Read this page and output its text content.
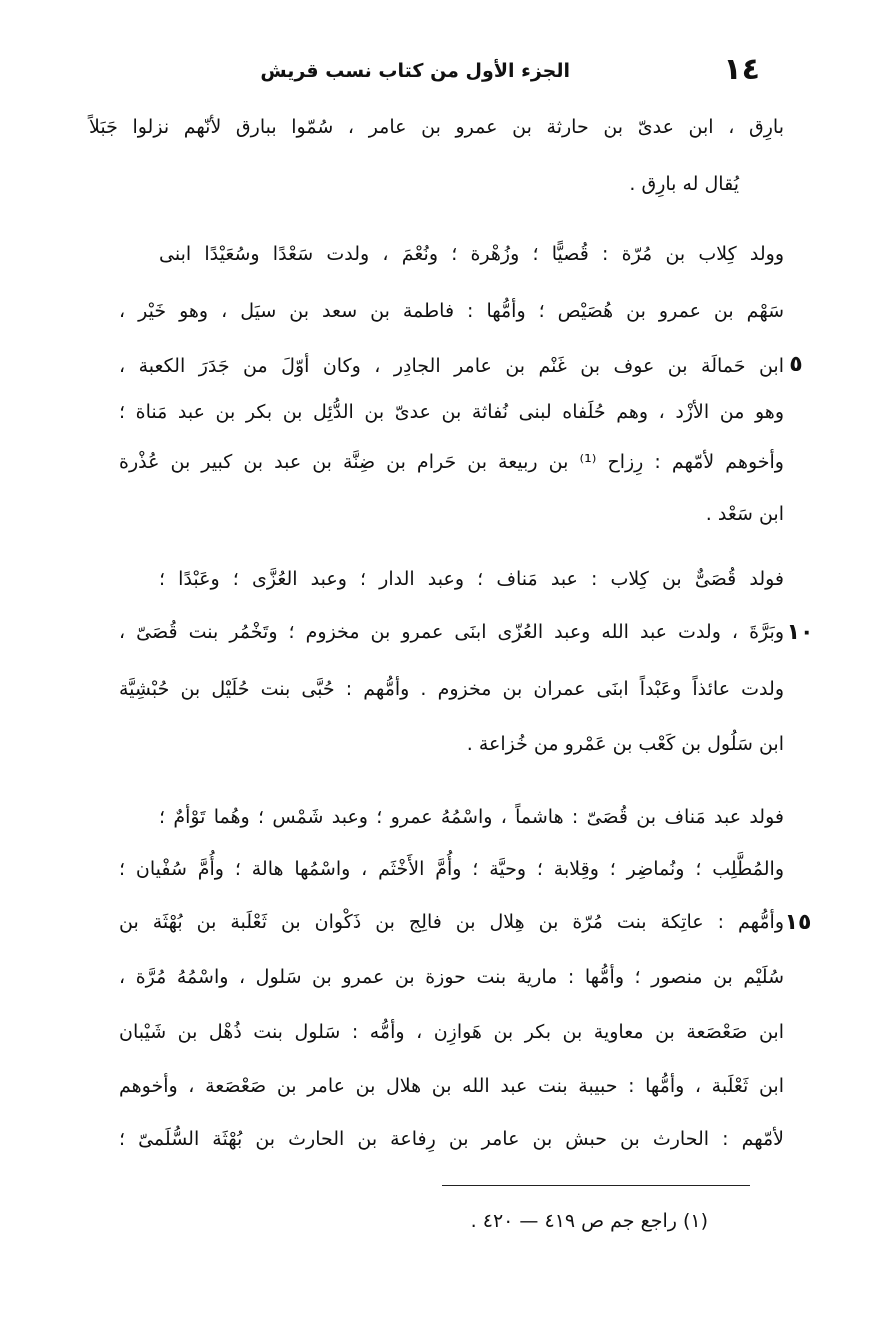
١٤
الجزء الأول من كتاب نسب قريش
بارِق ، ابن عدىّ بن حارثة بن عمرو بن عامر ، سُمّوا ببارق لأنّهم نزلوا جَبَلاً
يُقال له بارِق .
وولد كِلاب بن مُرّة : قُصيًّا ؛ وزُهْرة ؛ ونُعْمَ ، ولدت سَعْدًا وسُعَيْدًا ابنى
سَهْم بن عمرو بن هُصَيْص ؛ وأمُّها : فاطمة بن سعد بن سيَل ، وهو خَيْر ،
ابن حَمالَة بن عوف بن غَنْم بن عامر الجادِر ، وكان أوّلَ من جَدَرَ الكعبة ،
وهو من الأزْد ، وهم حُلَفاه لبنى نُفاثة بن عدىّ بن الدُّئِل بن بكر بن عبد مَناة ؛
وأخوهم لأمّهم : رِزاح ⁽¹⁾ بن ربيعة بن حَرام بن ضِنَّة بن عبد بن كبير بن عُذْرة
ابن سَعْد .
فولد قُصَىٌّ بن كِلاب : عبد مَناف ؛ وعبد الدار ؛ وعبد العُزَّى ؛ وعَبْدًا ؛
وبَرَّةَ ، ولدت عبد الله وعبد العُزّى ابنَى عمرو بن مخزوم ؛ وتَخْمُر بنت قُصَىّ ،
ولدت عائذاً وعَبْداً ابنَى عمران بن مخزوم . وأمُّهم : حُبَّى بنت حُلَيْل بن حُبْشِيَّة
ابن سَلُول بن كَعْب بن عَمْرو من خُزاعة .
فولد عبد مَناف بن قُصَىّ : هاشماً ، واسْمُهُ عمرو ؛ وعبد شَمْس ؛ وهُما تَوْأمٌ ؛
والمُطَّلِب ؛ ونُماضِر ؛ وقِلابة ؛ وحيَّة ؛ وأُمَّ الأَخْثَم ، واسْمُها هالة ؛ وأُمَّ سُفْيان ؛
وأمُّهم : عاتِكة بنت مُرّة بن هِلال بن فالِج بن ذَكْوان بن ثَعْلَبة بن بُهْثَة بن
سُلَيْم بن منصور ؛ وأمُّها : مارية بنت حوزة بن عمرو بن سَلول ، واسْمُهُ مُرَّة ،
ابن صَعْصَعة بن معاوية بن بكر بن هَوازِن ، وأمُّه : سَلول بنت ذُهْل بن شَيْبان
ابن ثَعْلَبة ، وأمُّها : حبيبة بنت عبد الله بن هلال بن عامر بن صَعْصَعة ، وأخوهم
لأمّهم : الحارث بن حبش بن عامر بن رِفاعة بن الحارث بن بُهْثَة السُّلَمىّ ؛
٥
١٠
١٥
(١) راجع جم ص ٤١٩ — ٤٢٠ .
